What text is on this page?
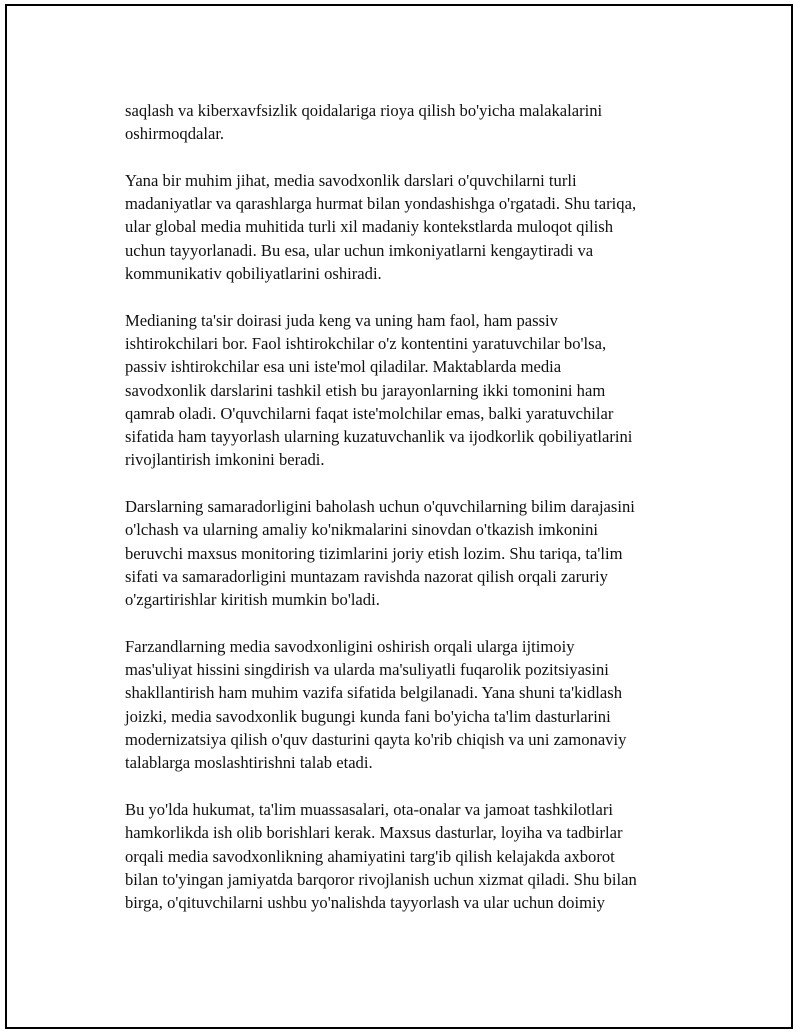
saqlash va kiberxavfsizlik qoidalariga rioya qilish bo'yicha malakalarini
oshirmoqdalar.

Yana bir muhim jihat, media savodxonlik darslari o'quvchilarni turli
madaniyatlar va qarashlarga hurmat bilan yondashishga o'rgatadi. Shu tariqa,
ular global media muhitida turli xil madaniy kontekstlarda muloqot qilish
uchun tayyorlanadi. Bu esa, ular uchun imkoniyatlarni kengaytiradi va
kommunikativ qobiliyatlarini oshiradi.

Medianing ta'sir doirasi juda keng va uning ham faol, ham passiv
ishtirokchilari bor. Faol ishtirokchilar o'z kontentini yaratuvchilar bo'lsa,
passiv ishtirokchilar esa uni iste'mol qiladilar. Maktablarda media
savodxonlik darslarini tashkil etish bu jarayonlarning ikki tomonini ham
qamrab oladi. O'quvchilarni faqat iste'molchilar emas, balki yaratuvchilar
sifatida ham tayyorlash ularning kuzatuvchanlik va ijodkorlik qobiliyatlarini
rivojlantirish imkonini beradi.

Darslarning samaradorligini baholash uchun o'quvchilarning bilim darajasini
o'lchash va ularning amaliy ko'nikmalarini sinovdan o'tkazish imkonini
beruvchi maxsus monitoring tizimlarini joriy etish lozim. Shu tariqa, ta'lim
sifati va samaradorligini muntazam ravishda nazorat qilish orqali zaruriy
o'zgartirishlar kiritish mumkin bo'ladi.

Farzandlarning media savodxonligini oshirish orqali ularga ijtimoiy
mas'uliyat hissini singdirish va ularda ma'suliyatli fuqarolik pozitsiyasini
shakllantirish ham muhim vazifa sifatida belgilanadi. Yana shuni ta'kidlash
joizki, media savodxonlik bugungi kunda fani bo'yicha ta'lim dasturlarini
modernizatsiya qilish o'quv dasturini qayta ko'rib chiqish va uni zamonaviy
talablarga moslashtirishni talab etadi.

Bu yo'lda hukumat, ta'lim muassasalari, ota-onalar va jamoat tashkilotlari
hamkorlikda ish olib borishlari kerak. Maxsus dasturlar, loyiha va tadbirlar
orqali media savodxonlikning ahamiyatini targ'ib qilish kelajakda axborot
bilan to'yingan jamiyatda barqoror rivojlanish uchun xizmat qiladi. Shu bilan
birga, o'qituvchilarni ushbu yo'nalishda tayyorlash va ular uchun doimiy
